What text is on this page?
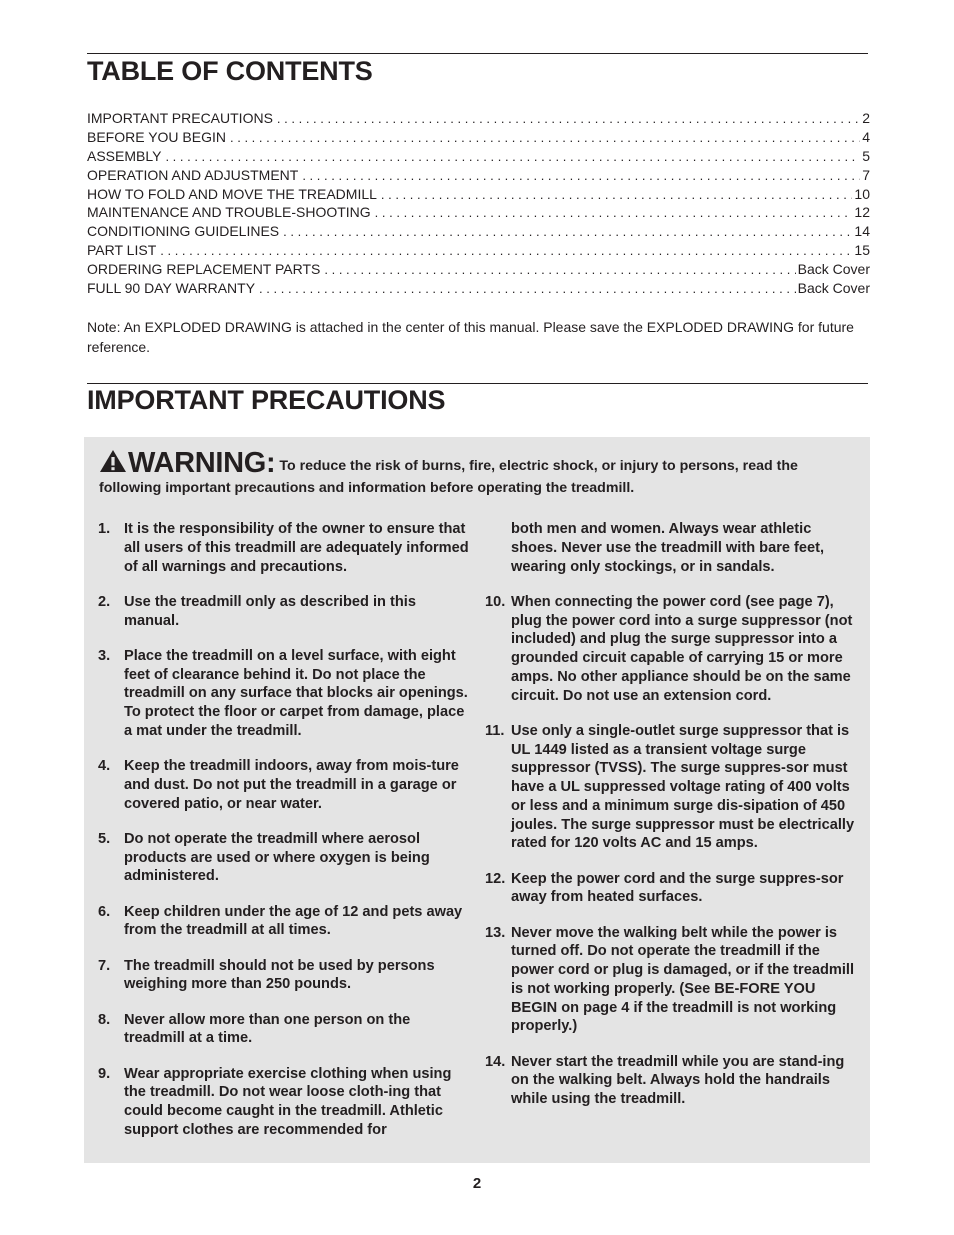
TABLE OF CONTENTS
IMPORTANT PRECAUTIONS . . .	2
BEFORE YOU BEGIN . . .	4
ASSEMBLY . . .	5
OPERATION AND ADJUSTMENT . . .	7
HOW TO FOLD AND MOVE THE TREADMILL . . .	10
MAINTENANCE AND TROUBLE-SHOOTING . . .	12
CONDITIONING GUIDELINES . . .	14
PART LIST . . .	15
ORDERING REPLACEMENT PARTS . . .	Back Cover
FULL 90 DAY WARRANTY . . .	Back Cover

Note: An EXPLODED DRAWING is attached in the center of this manual. Please save the EXPLODED DRAWING for future reference.

IMPORTANT PRECAUTIONS
WARNING: To reduce the risk of burns, fire, electric shock, or injury to persons, read the following important precautions and information before operating the treadmill.
1. It is the responsibility of the owner to ensure that all users of this treadmill are adequately informed of all warnings and precautions.
2. Use the treadmill only as described in this manual.
3. Place the treadmill on a level surface, with eight feet of clearance behind it. Do not place the treadmill on any surface that blocks air openings. To protect the floor or carpet from damage, place a mat under the treadmill.
4. Keep the treadmill indoors, away from mois-ture and dust. Do not put the treadmill in a garage or covered patio, or near water.
5. Do not operate the treadmill where aerosol products are used or where oxygen is being administered.
6. Keep children under the age of 12 and pets away from the treadmill at all times.
7. The treadmill should not be used by persons weighing more than 250 pounds.
8. Never allow more than one person on the treadmill at a time.
9. Wear appropriate exercise clothing when using the treadmill. Do not wear loose cloth-ing that could become caught in the treadmill. Athletic support clothes are recommended for
both men and women. Always wear athletic shoes. Never use the treadmill with bare feet, wearing only stockings, or in sandals.
10. When connecting the power cord (see page 7), plug the power cord into a surge suppressor (not included) and plug the surge suppressor into a grounded circuit capable of carrying 15 or more amps. No other appliance should be on the same circuit. Do not use an extension cord.
11. Use only a single-outlet surge suppressor that is UL 1449 listed as a transient voltage surge suppressor (TVSS). The surge suppres-sor must have a UL suppressed voltage rating of 400 volts or less and a minimum surge dis-sipation of 450 joules. The surge suppressor must be electrically rated for 120 volts AC and 15 amps.
12. Keep the power cord and the surge suppres-sor away from heated surfaces.
13. Never move the walking belt while the power is turned off. Do not operate the treadmill if the power cord or plug is damaged, or if the treadmill is not working properly. (See BE-FORE YOU BEGIN on page 4 if the treadmill is not working properly.)
14. Never start the treadmill while you are stand-ing on the walking belt. Always hold the handrails while using the treadmill.
2
